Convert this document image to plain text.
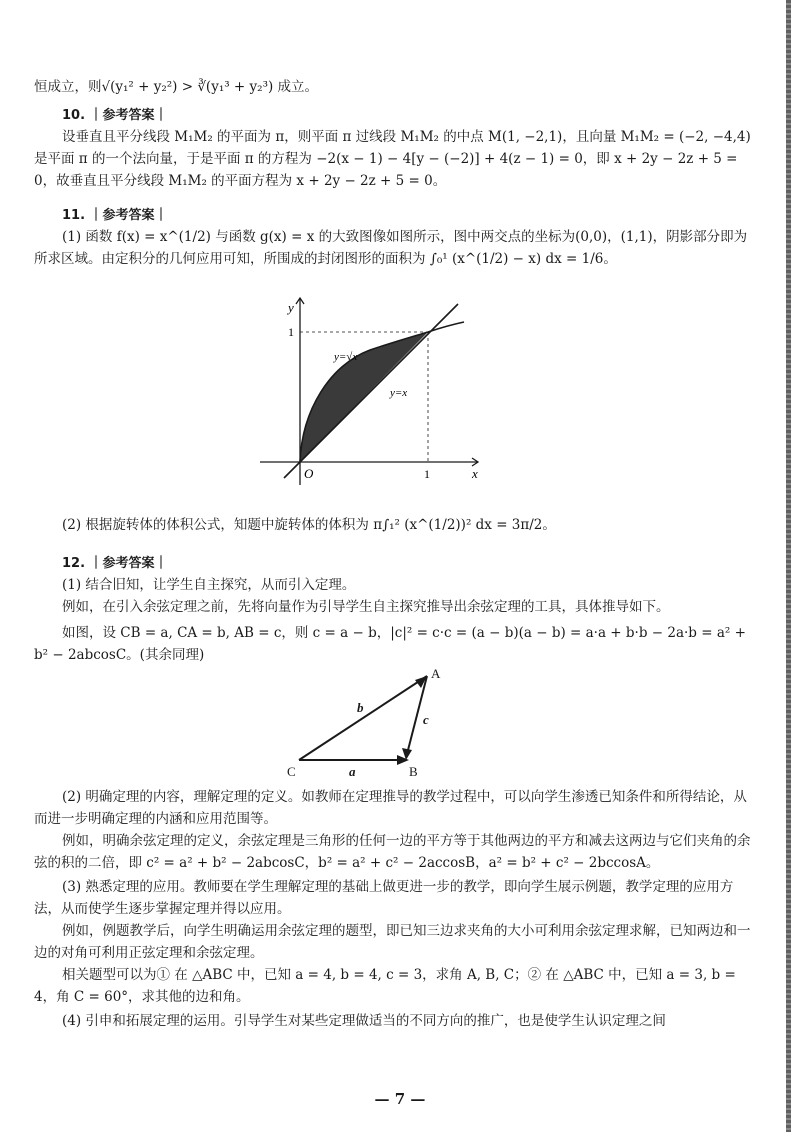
恒成立，则√(y₁² + y₂²) > ∛(y₁³ + y₂³) 成立。
10. ｜参考答案｜
设垂直且平分线段 M₁M₂ 的平面为 π，则平面 π 过线段 M₁M₂ 的中点 M(1, −2,1)，且向量 M₁M₂ = (−2, −4,4) 是平面 π 的一个法向量，于是平面 π 的方程为 −2(x − 1) − 4[y − (−2)] + 4(z − 1) = 0，即 x + 2y − 2z + 5 = 0，故垂直且平分线段 M₁M₂ 的平面方程为 x + 2y − 2z + 5 = 0。
11. ｜参考答案｜
(1) 函数 f(x) = x^(1/2) 与函数 g(x) = x 的大致图像如图所示，图中两交点的坐标为(0,0)，(1,1)，阴影部分即为所求区域。由定积分的几何应用可知，所围成的封闭图形的面积为 ∫₀¹ (x^(1/2) − x) dx = 1/6。
y
x
O	1
1
y=√x
y=x
(2) 根据旋转体的体积公式，知题中旋转体的体积为 π∫₁² (x^(1/2))² dx = 3π/2。
12. ｜参考答案｜
(1) 结合旧知，让学生自主探究，从而引入定理。
例如，在引入余弦定理之前，先将向量作为引导学生自主探究推导出余弦定理的工具，具体推导如下。
如图，设 CB = a, CA = b, AB = c，则 c = a − b，|c|² = c·c = (a − b)(a − b) = a·a + b·b − 2a·b = a² + b² − 2abcosC。(其余同理)
A
B
C	a
b
c
(2) 明确定理的内容，理解定理的定义。如教师在定理推导的教学过程中，可以向学生渗透已知条件和所得结论，从而进一步明确定理的内涵和应用范围等。
例如，明确余弦定理的定义，余弦定理是三角形的任何一边的平方等于其他两边的平方和减去这两边与它们夹角的余弦的积的二倍，即 c² = a² + b² − 2abcosC，b² = a² + c² − 2accosB，a² = b² + c² − 2bccosA。
(3) 熟悉定理的应用。教师要在学生理解定理的基础上做更进一步的教学，即向学生展示例题，教学定理的应用方法，从而使学生逐步掌握定理并得以应用。
例如，例题教学后，向学生明确运用余弦定理的题型，即已知三边求夹角的大小可利用余弦定理求解，已知两边和一边的对角可利用正弦定理和余弦定理。
相关题型可以为① 在 △ABC 中，已知 a = 4, b = 4, c = 3，求角 A, B, C；② 在 △ABC 中，已知 a = 3, b = 4，角 C = 60°，求其他的边和角。
(4) 引申和拓展定理的运用。引导学生对某些定理做适当的不同方向的推广，也是使学生认识定理之间
— 7 —
